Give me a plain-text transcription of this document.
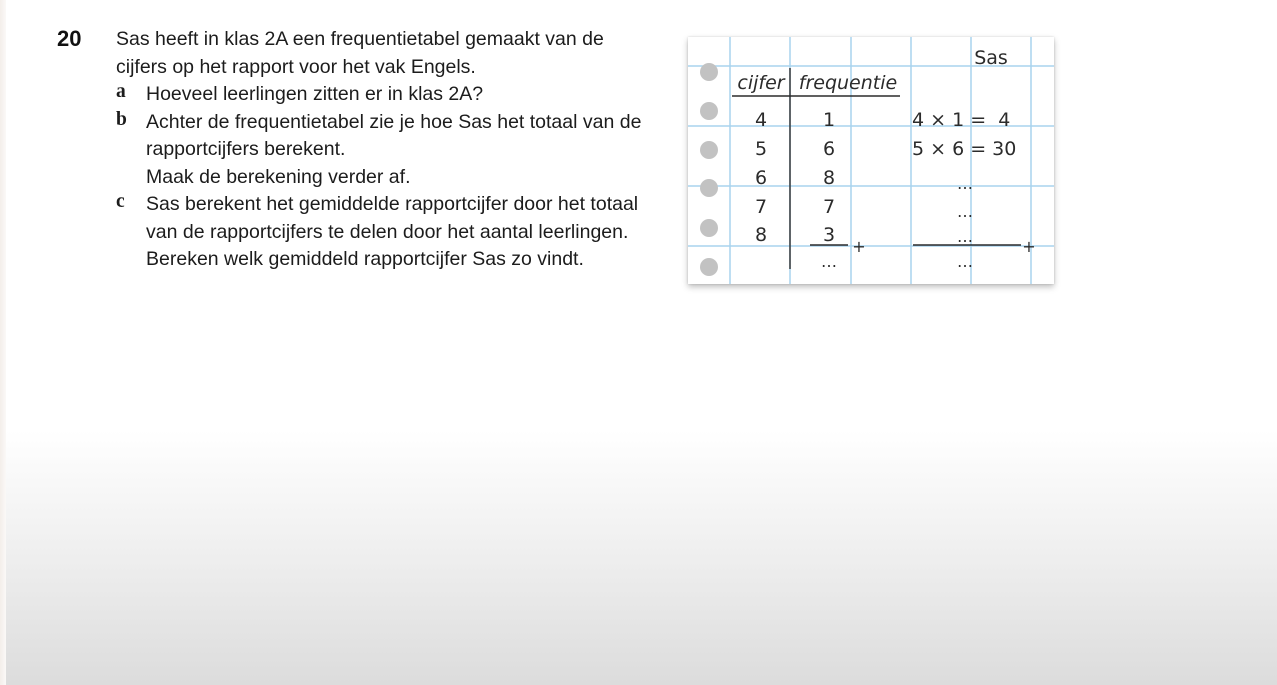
20 Sas heeft in klas 2A een frequentietabel gemaakt van de
cijfers op het rapport voor het vak Engels.
a Hoeveel leerlingen zitten er in klas 2A?
b Achter de frequentietabel zie je hoe Sas het totaal van de
rapportcijfers berekent.
Maak de berekening verder af.
c Sas berekent het gemiddelde rapportcijfer door het totaal
van de rapportcijfers te delen door het aantal leerlingen.
Bereken welk gemiddeld rapportcijfer Sas zo vindt.
Sas
cijfer frequentie
4
5
6
7
8
1
6
8
7
3
…
+
4 × 1 =  4
5 × 6 = 30
…
…
…
…
+
